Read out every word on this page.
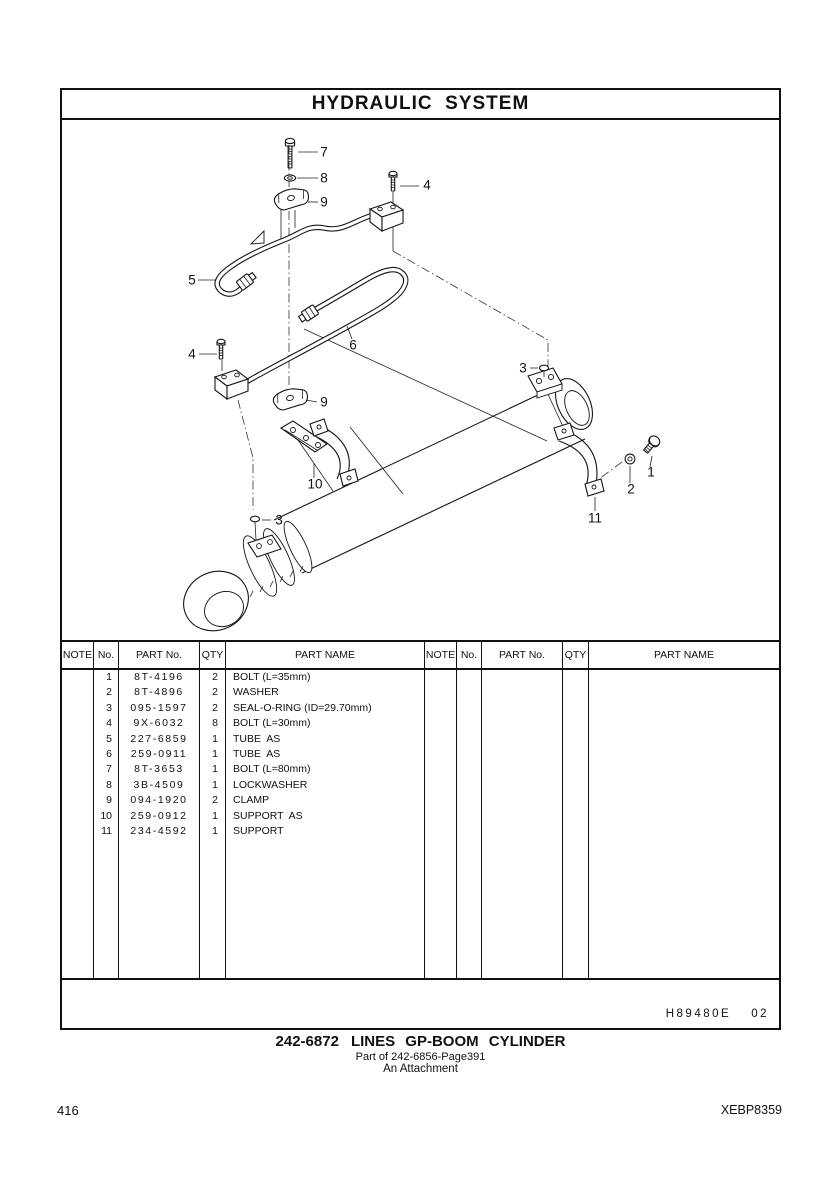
HYDRAULIC  SYSTEM
7
8
9
4
5
6
4
9
3
10
11
2
1
3
NOTE No.	PART No.	QTY	PART NAME
1	8T-4196	2	BOLT (L=35mm)
2	8T-4896	2	WASHER
3	095-1597	2	SEAL-O-RING (ID=29.70mm)
4	9X-6032	8	BOLT (L=30mm)
5	227-6859	1	TUBE  AS
6	259-0911	1	TUBE  AS
7	8T-3653	1	BOLT (L=80mm)
8	3B-4509	1	LOCKWASHER
9	094-1920	2	CLAMP
10	259-0912	1	SUPPORT  AS
11	234-4592	1	SUPPORT
NOTE No.	PART No.	QTY	PART NAME
H89480E 02
242-6872 LINES GP-BOOM CYLINDER
Part of 242-6856-Page391
An Attachment
416	XEBP8359
